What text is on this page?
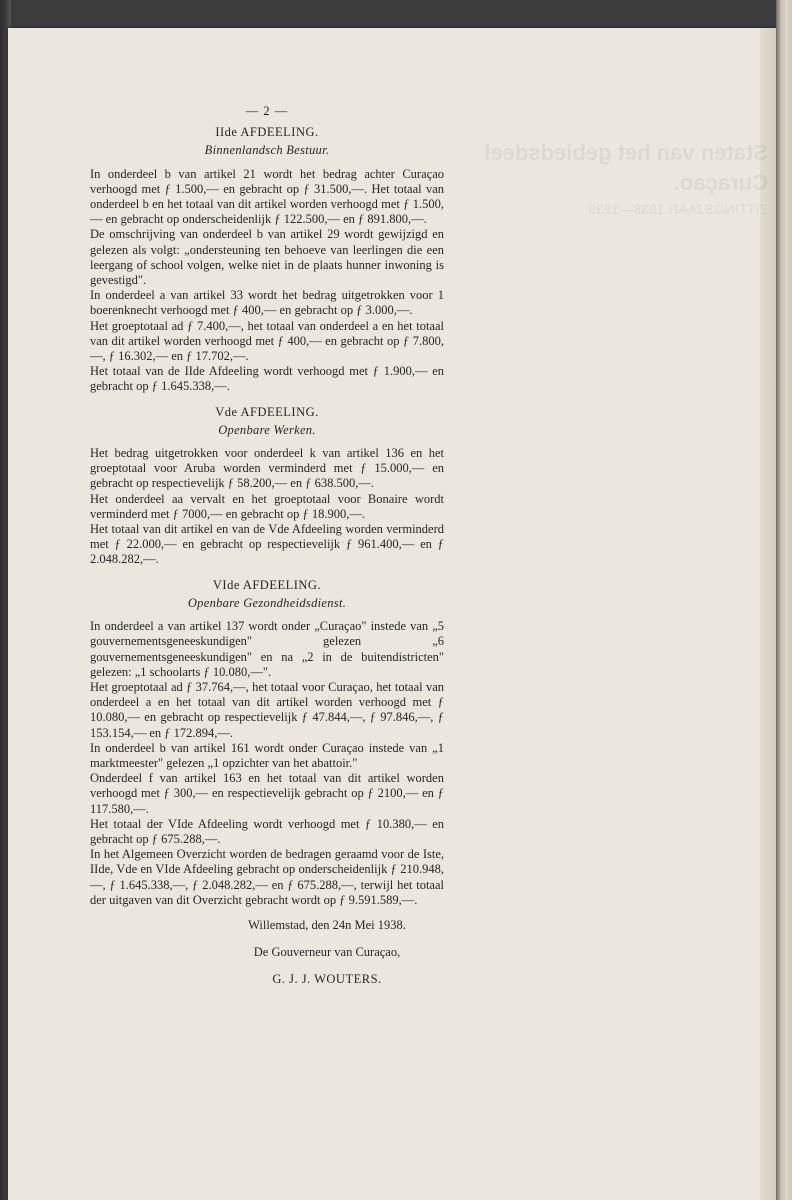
Staten van het gebiedsdeel Curaçao.
ZITTINGSJAAR 1938—1939

— 2 —

IIde AFDEELING.

Binnenlandsch Bestuur.

In onderdeel b van artikel 21 wordt het bedrag achter Curaçao verhoogd met ƒ 1.500,— en gebracht op ƒ 31.500,—. Het totaal van onderdeel b en het totaal van dit artikel worden verhoogd met ƒ 1.500,— en gebracht op onderscheidenlijk ƒ 122.500,— en ƒ 891.800,—.

De omschrijving van onderdeel b van artikel 29 wordt gewijzigd en gelezen als volgt: „ondersteuning ten behoeve van leerlingen die een leergang of school volgen, welke niet in de plaats hunner inwoning is gevestigd".

In onderdeel a van artikel 33 wordt het bedrag uitgetrokken voor 1 boerenknecht verhoogd met ƒ 400,— en gebracht op ƒ 3.000,—.

Het groeptotaal ad ƒ 7.400,—, het totaal van onderdeel a en het totaal van dit artikel worden verhoogd met ƒ 400,— en gebracht op ƒ 7.800,—, ƒ 16.302,— en ƒ 17.702,—.

Het totaal van de IIde Afdeeling wordt verhoogd met ƒ 1.900,— en gebracht op ƒ 1.645.338,—.

Vde AFDEELING.

Openbare Werken.

Het bedrag uitgetrokken voor onderdeel k van artikel 136 en het groeptotaal voor Aruba worden verminderd met ƒ 15.000,— en gebracht op respectievelijk ƒ 58.200,— en ƒ 638.500,—.

Het onderdeel aa vervalt en het groeptotaal voor Bonaire wordt verminderd met ƒ 7000,— en gebracht op ƒ 18.900,—.

Het totaal van dit artikel en van de Vde Afdeeling worden verminderd met ƒ 22.000,— en gebracht op respectievelijk ƒ 961.400,— en ƒ 2.048.282,—.

VIde AFDEELING.

Openbare Gezondheidsdienst.

In onderdeel a van artikel 137 wordt onder „Curaçao" instede van „5 gouvernementsgeneeskundigen" gelezen „6 gouvernementsgeneeskundigen" en na „2 in de buitendistricten" gelezen: „1 schoolarts ƒ 10.080,—".

Het groeptotaal ad ƒ 37.764,—, het totaal voor Curaçao, het totaal van onderdeel a en het totaal van dit artikel worden verhoogd met ƒ 10.080,— en gebracht op respectievelijk ƒ 47.844,—, ƒ 97.846,—, ƒ 153.154,— en ƒ 172.894,—.

In onderdeel b van artikel 161 wordt onder Curaçao instede van „1 marktmeester" gelezen „1 opzichter van het abattoir."

Onderdeel f van artikel 163 en het totaal van dit artikel worden verhoogd met ƒ 300,— en respectievelijk gebracht op ƒ 2100,— en ƒ 117.580,—.

Het totaal der VIde Afdeeling wordt verhoogd met ƒ 10.380,— en gebracht op ƒ 675.288,—.

In het Algemeen Overzicht worden de bedragen geraamd voor de Iste, IIde, Vde en VIde Afdeeling gebracht op onderscheidenlijk ƒ 210.948,—, ƒ 1.645.338,—, ƒ 2.048.282,— en ƒ 675.288,—, terwijl het totaal der uitgaven van dit Overzicht gebracht wordt op ƒ 9.591.589,—.

Willemstad, den 24n Mei 1938.

De Gouverneur van Curaçao,

G. J. J. WOUTERS.
